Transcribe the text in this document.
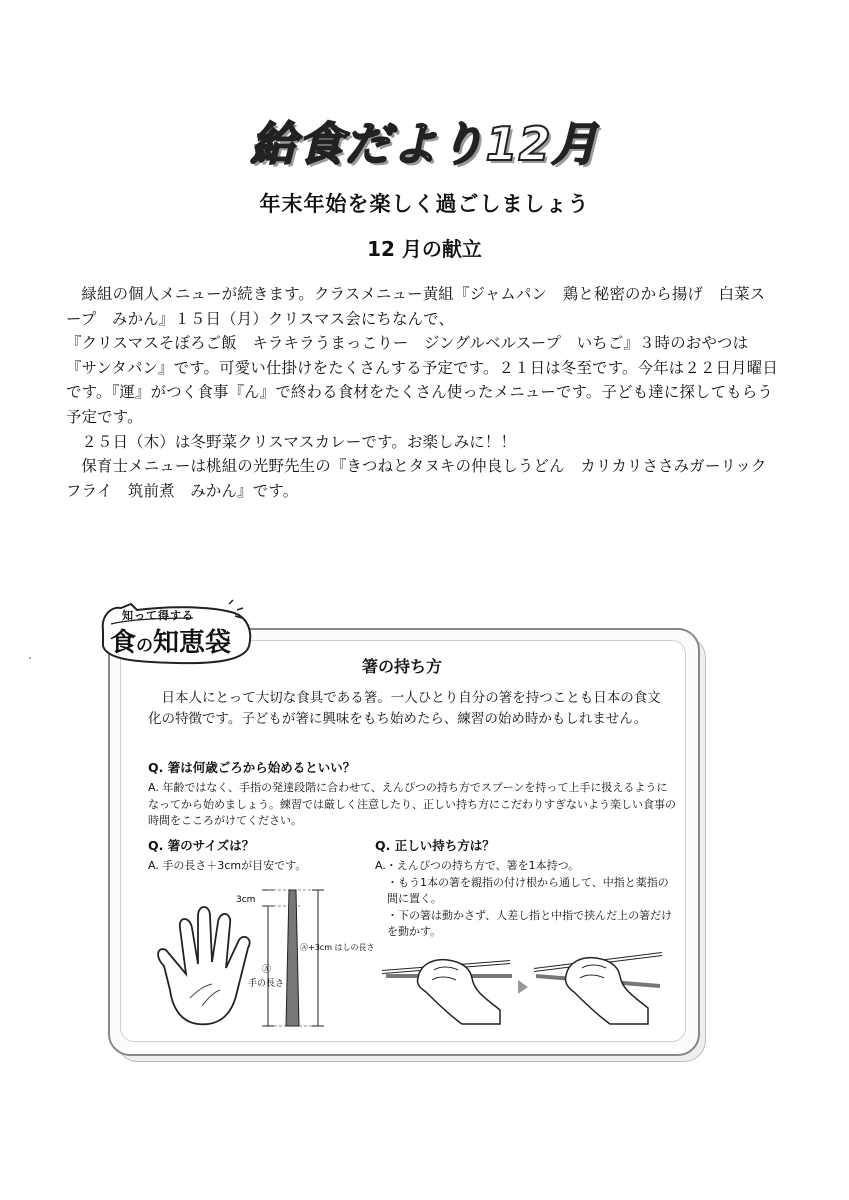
給食だより12月
年末年始を楽しく過ごしましょう
12 月の献立

緑組の個人メニューが続きます。クラスメニュー黄組『ジャムパン　鶏と秘密のから揚げ　白菜スープ　みかん』１５日（月）クリスマス会にちなんで、

『クリスマスそぼろご飯　キラキラうまっこりー　ジングルベルスープ　いちご』３時のおやつは『サンタパン』です。可愛い仕掛けをたくさんする予定です。２１日は冬至です。今年は２２日月曜日です。『運』がつく食事『ん』で終わる食材をたくさん使ったメニューです。子ども達に探してもらう予定です。

２５日（木）は冬野菜クリスマスカレーです。お楽しみに！！

保育士メニューは桃組の光野先生の『きつねとタヌキの仲良しうどん　カリカリささみガーリックフライ　筑前煮　みかん』です。

知って得する
食の知恵袋
箸の持ち方

日本人にとって大切な食具である箸。一人ひとり自分の箸を持つことも日本の食文化の特徴です。子どもが箸に興味をもち始めたら、練習の始め時かもしれません。

Q. 箸は何歳ごろから始めるといい？

A. 年齢ではなく、手指の発達段階に合わせて、えんぴつの持ち方でスプーンを持って上手に扱えるようになってから始めましょう。練習では厳しく注意したり、正しい持ち方にこだわりすぎないよう楽しい食事の時間をこころがけてください。

Q. 箸のサイズは？

A. 手の長さ＋3cmが目安です。

Q. 正しい持ち方は？

A.・えんぴつの持ち方で、箸を1本持つ。

・もう1本の箸を親指の付け根から通して、中指と薬指の間に置く。

・下の箸は動かさず、人差し指と中指で挟んだ上の箸だけを動かす。

3cm
Ⓐ
手の長さ
Ⓐ+3cm はしの長さ
